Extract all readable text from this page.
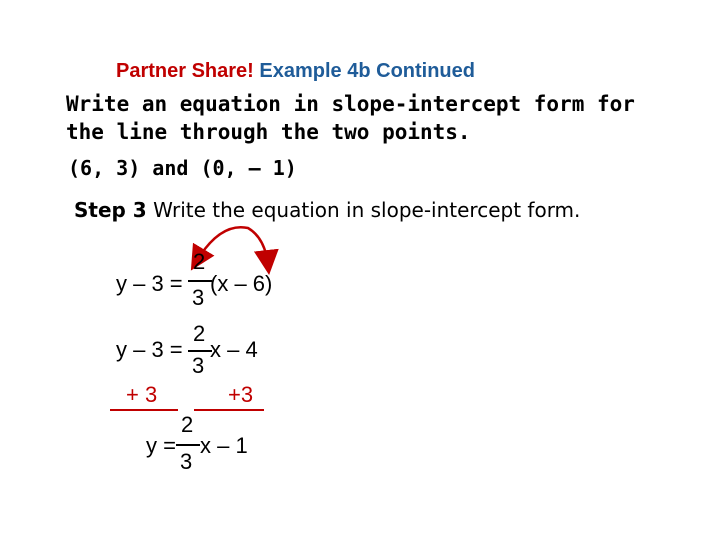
Partner Share! Example 4b Continued
Write an equation in slope-intercept form for
the line through the two points.
(6, 3) and (0, – 1)
Step 3 Write the equation in slope-intercept form.
y – 3 =
2
3
(x – 6)
y – 3 =
2
3
x – 4
+ 3	+3
y =
2
3
x – 1
